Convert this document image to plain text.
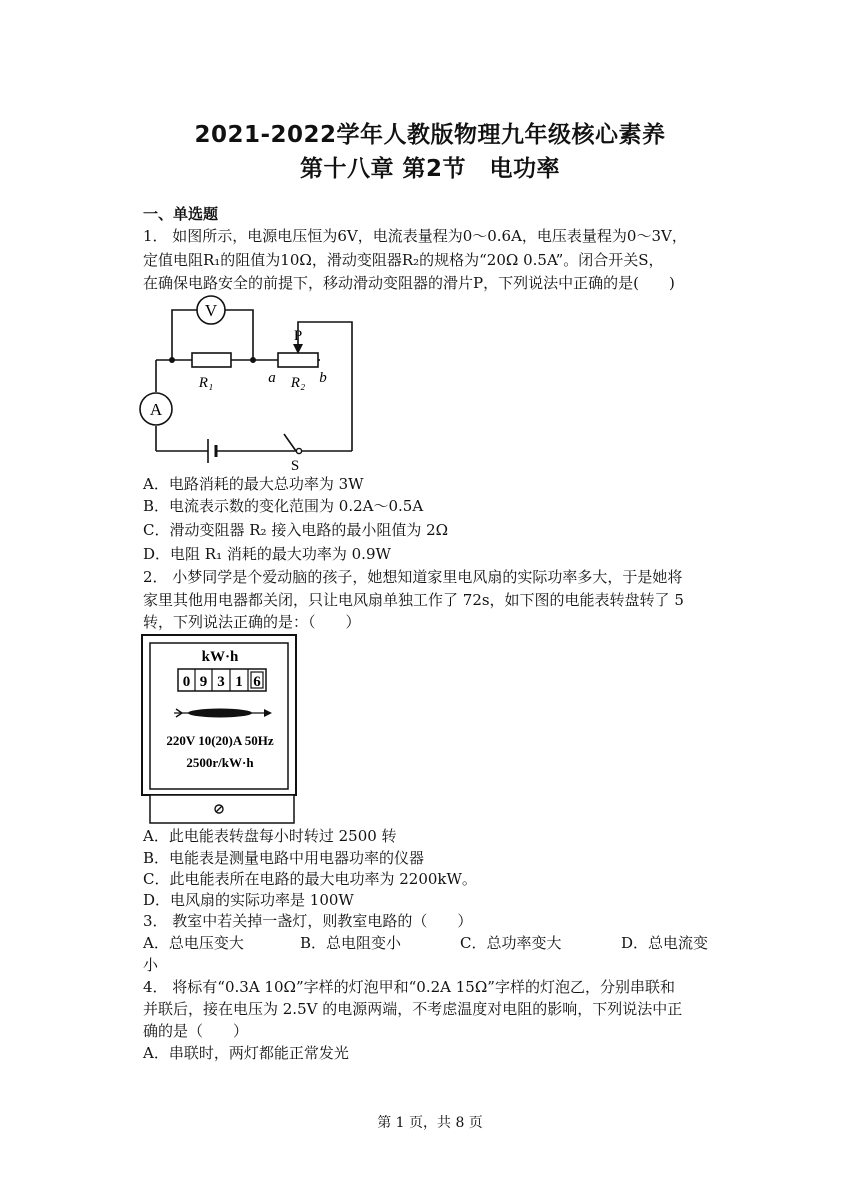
2021-2022学年人教版物理九年级核心素养
第十八章 第2节　电功率
一、单选题
1． 如图所示，电源电压恒为6V，电流表量程为0～0.6A，电压表量程为0～3V，
定值电阻R₁的阻值为10Ω，滑动变阻器R₂的规格为“20Ω 0.5A”。闭合开关S，
在确保电路安全的前提下，移动滑动变阻器的滑片P，下列说法中正确的是(　　)
V
A
P
R₁	R₂
a	b
S
A．电路消耗的最大总功率为 3W
B．电流表示数的变化范围为 0.2A～0.5A
C．滑动变阻器 R₂ 接入电路的最小阻值为 2Ω
D．电阻 R₁ 消耗的最大功率为 0.9W
2． 小梦同学是个爱动脑的孩子，她想知道家里电风扇的实际功率多大，于是她将
家里其他用电器都关闭，只让电风扇单独工作了 72s，如下图的电能表转盘转了 5
转，下列说法正确的是：（　　）
kW·h
0 9 3 1 6
220V 10(20)A 50Hz
2500r/kW·h
A．此电能表转盘每小时转过 2500 转
B．电能表是测量电路中用电器功率的仪器
C．此电能表所在电路的最大电功率为 2200kW。
D．电风扇的实际功率是 100W
3． 教室中若关掉一盏灯，则教室电路的（　　）
A．总电压变大	B．总电阻变小	C．总功率变大	D．总电流变
小
4． 将标有“0.3A 10Ω”字样的灯泡甲和“0.2A 15Ω”字样的灯泡乙，分别串联和
并联后，接在电压为 2.5V 的电源两端，不考虑温度对电阻的影响，下列说法中正
确的是（　　）
A．串联时，两灯都能正常发光
第 1 页，共 8 页
